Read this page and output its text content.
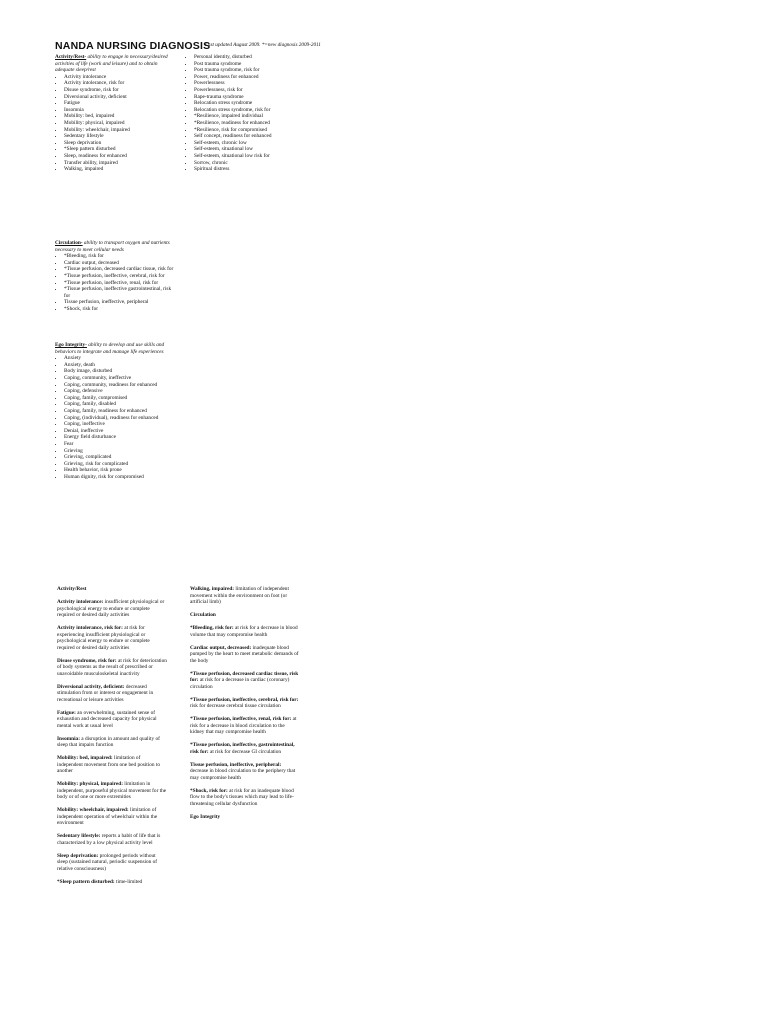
NANDA NURSING DIAGNOSIS
Last updated August 2009. *=new diagnosis 2009-2011
Activity/Rest- ability to engage in necessary/desired activities of life (work and leisure) and to obtain adequate sleep/rest
• Activity intolerance
• Activity intolerance, risk for
• Disuse syndrome, risk for
• Diversional activity, deficient
• Fatigue
• Insomnia
• Mobility: bed, impaired
• Mobility: physical, impaired
• Mobility: wheelchair, impaired
• Sedentary lifestyle
• Sleep deprivation
• *Sleep pattern disturbed
• Sleep, readiness for enhanced
• Transfer ability, impaired
• Walking, impaired
Circulation- ability to transport oxygen and nutrients necessary to meet cellular needs
• *Bleeding, risk for
• Cardiac output, decreased
• *Tissue perfusion, decreased cardiac tissue, risk for
• *Tissue perfusion, ineffective, cerebral, risk for
• *Tissue perfusion, ineffective, renal, risk for
• *Tissue perfusion, ineffective gastrointestinal, risk for
• Tissue perfusion, ineffective, peripheral
• *Shock, risk for
Ego Integrity- ability to develop and use skills and behaviors to integrate and manage life experiences
• Anxiety
• Anxiety, death
• Body image, disturbed
• Coping, community, ineffective
• Coping, community, readiness for enhanced
• Coping, defensive
• Coping, family, compromised
• Coping, family, disabled
• Coping, family, readiness for enhanced
• Coping, (individual), readiness for enhanced
• Coping, ineffective
• Denial, ineffective
• Energy field disturbance
• Fear
• Grieving
• Grieving, complicated
• Grieving, risk for complicated
• Health behavior, risk prone
• Human dignity, risk for compromised
• Personal identity, disturbed
• Post trauma syndrome
• Post trauma syndrome, risk for
• Power, readiness for enhanced
• Powerlessness
• Powerlessness, risk for
• Rape-trauma syndrome
• Relocation stress syndrome
• Relocation stress syndrome, risk for
• *Resilience, impaired individual
• *Resilience, readiness for enhanced
• *Resilience, risk for compromised
• Self concept, readiness for enhanced
• Self-esteem, chronic low
• Self-esteem, situational low
• Self-esteem, situational low risk for
• Sorrow, chronic
• Spiritual distress

Activity/Rest

Activity intolerance: insufficient physiological or psychological energy to endure or complete required or desired daily activities

Activity intolerance, risk for: at risk for experiencing insufficient physiological or psychological energy to endure or complete required or desired daily activities

Disuse syndrome, risk for: at risk for deterioration of body systems as the result of prescribed or unavoidable musculoskeletal inactivity

Diversional activity, deficient: decreased stimulation from or interest or engagement in recreational or leisure activities

Fatigue: an overwhelming, sustained sense of exhaustion and decreased capacity for physical mental work at usual level

Insomnia: a disruption in amount and quality of sleep that impairs function

Mobility: bed, impaired: limitation of independent movement from one bed position to another

Mobility: physical, impaired: limitation in independent, purposeful physical movement for the body or of one or more extremities

Mobility: wheelchair, impaired: limitation of independent operation of wheelchair within the environment

Sedentary lifestyle: reports a habit of life that is characterized by a low physical activity level

Sleep deprivation: prolonged periods without sleep (sustained natural, periodic suspension of relative consciousness)

*Sleep pattern disturbed: time-limited

Walking, impaired: limitation of independent movement within the environment on foot (or artificial limb)

Circulation

*Bleeding, risk for: at risk for a decrease in blood volume that may compromise health

Cardiac output, decreased: inadequate blood pumped by the heart to meet metabolic demands of the body

*Tissue perfusion, decreased cardiac tissue, risk for: at risk for a decrease in cardiac (coronary) circulation

*Tissue perfusion, ineffective, cerebral, risk for: risk for decrease cerebral tissue circulation

*Tissue perfusion, ineffective, renal, risk for: at risk for a decrease in blood circulation to the kidney that may compromise health

*Tissue perfusion, ineffective, gastrointestinal, risk for: at risk for decrease GI circulation

Tissue perfusion, ineffective, peripheral: decrease in blood circulation to the periphery that may compromise health

*Shock, risk for: at risk for an inadequate blood flow to the body's tissues which may lead to life-threatening cellular dysfunction

Ego Integrity
